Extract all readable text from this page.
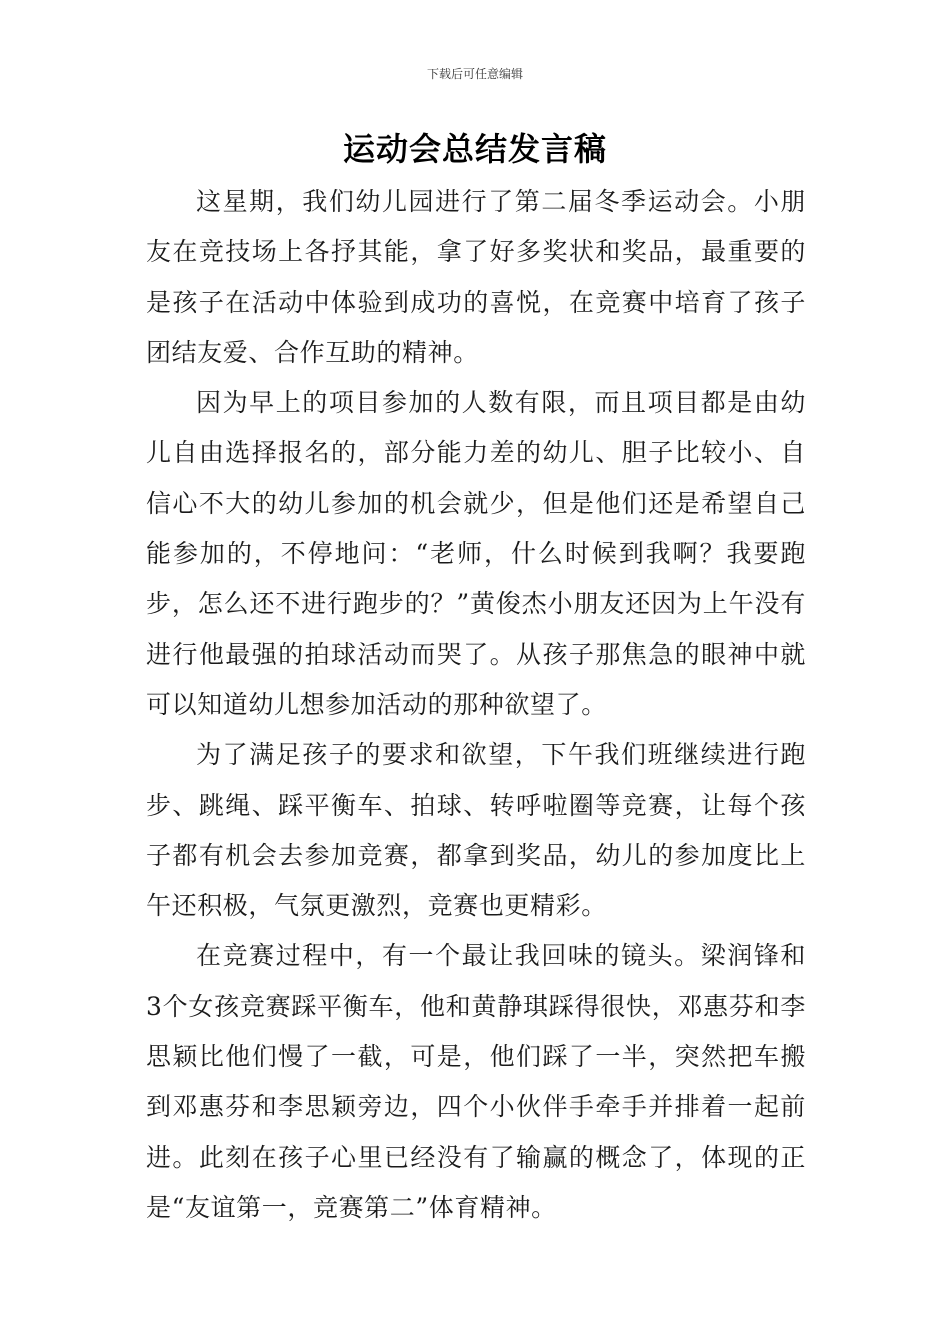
下载后可任意编辑
运动会总结发言稿

这星期，我们幼儿园进行了第二届冬季运动会。小朋友在竞技场上各抒其能，拿了好多奖状和奖品，最重要的是孩子在活动中体验到成功的喜悦，在竞赛中培育了孩子团结友爱、合作互助的精神。

因为早上的项目参加的人数有限，而且项目都是由幼儿自由选择报名的，部分能力差的幼儿、胆子比较小、自信心不大的幼儿参加的机会就少，但是他们还是希望自己能参加的，不停地问：“老师，什么时候到我啊？我要跑步，怎么还不进行跑步的？”黄俊杰小朋友还因为上午没有进行他最强的拍球活动而哭了。从孩子那焦急的眼神中就可以知道幼儿想参加活动的那种欲望了。

为了满足孩子的要求和欲望，下午我们班继续进行跑步、跳绳、踩平衡车、拍球、转呼啦圈等竞赛，让每个孩子都有机会去参加竞赛，都拿到奖品，幼儿的参加度比上午还积极，气氛更激烈，竞赛也更精彩。

在竞赛过程中，有一个最让我回味的镜头。梁润锋和 3个女孩竞赛踩平衡车，他和黄静琪踩得很快，邓惠芬和李思颖比他们慢了一截，可是，他们踩了一半，突然把车搬到邓惠芬和李思颖旁边，四个小伙伴手牵手并排着一起前进。此刻在孩子心里已经没有了输赢的概念了，体现的正是“友谊第一，竞赛第二”体育精神。
